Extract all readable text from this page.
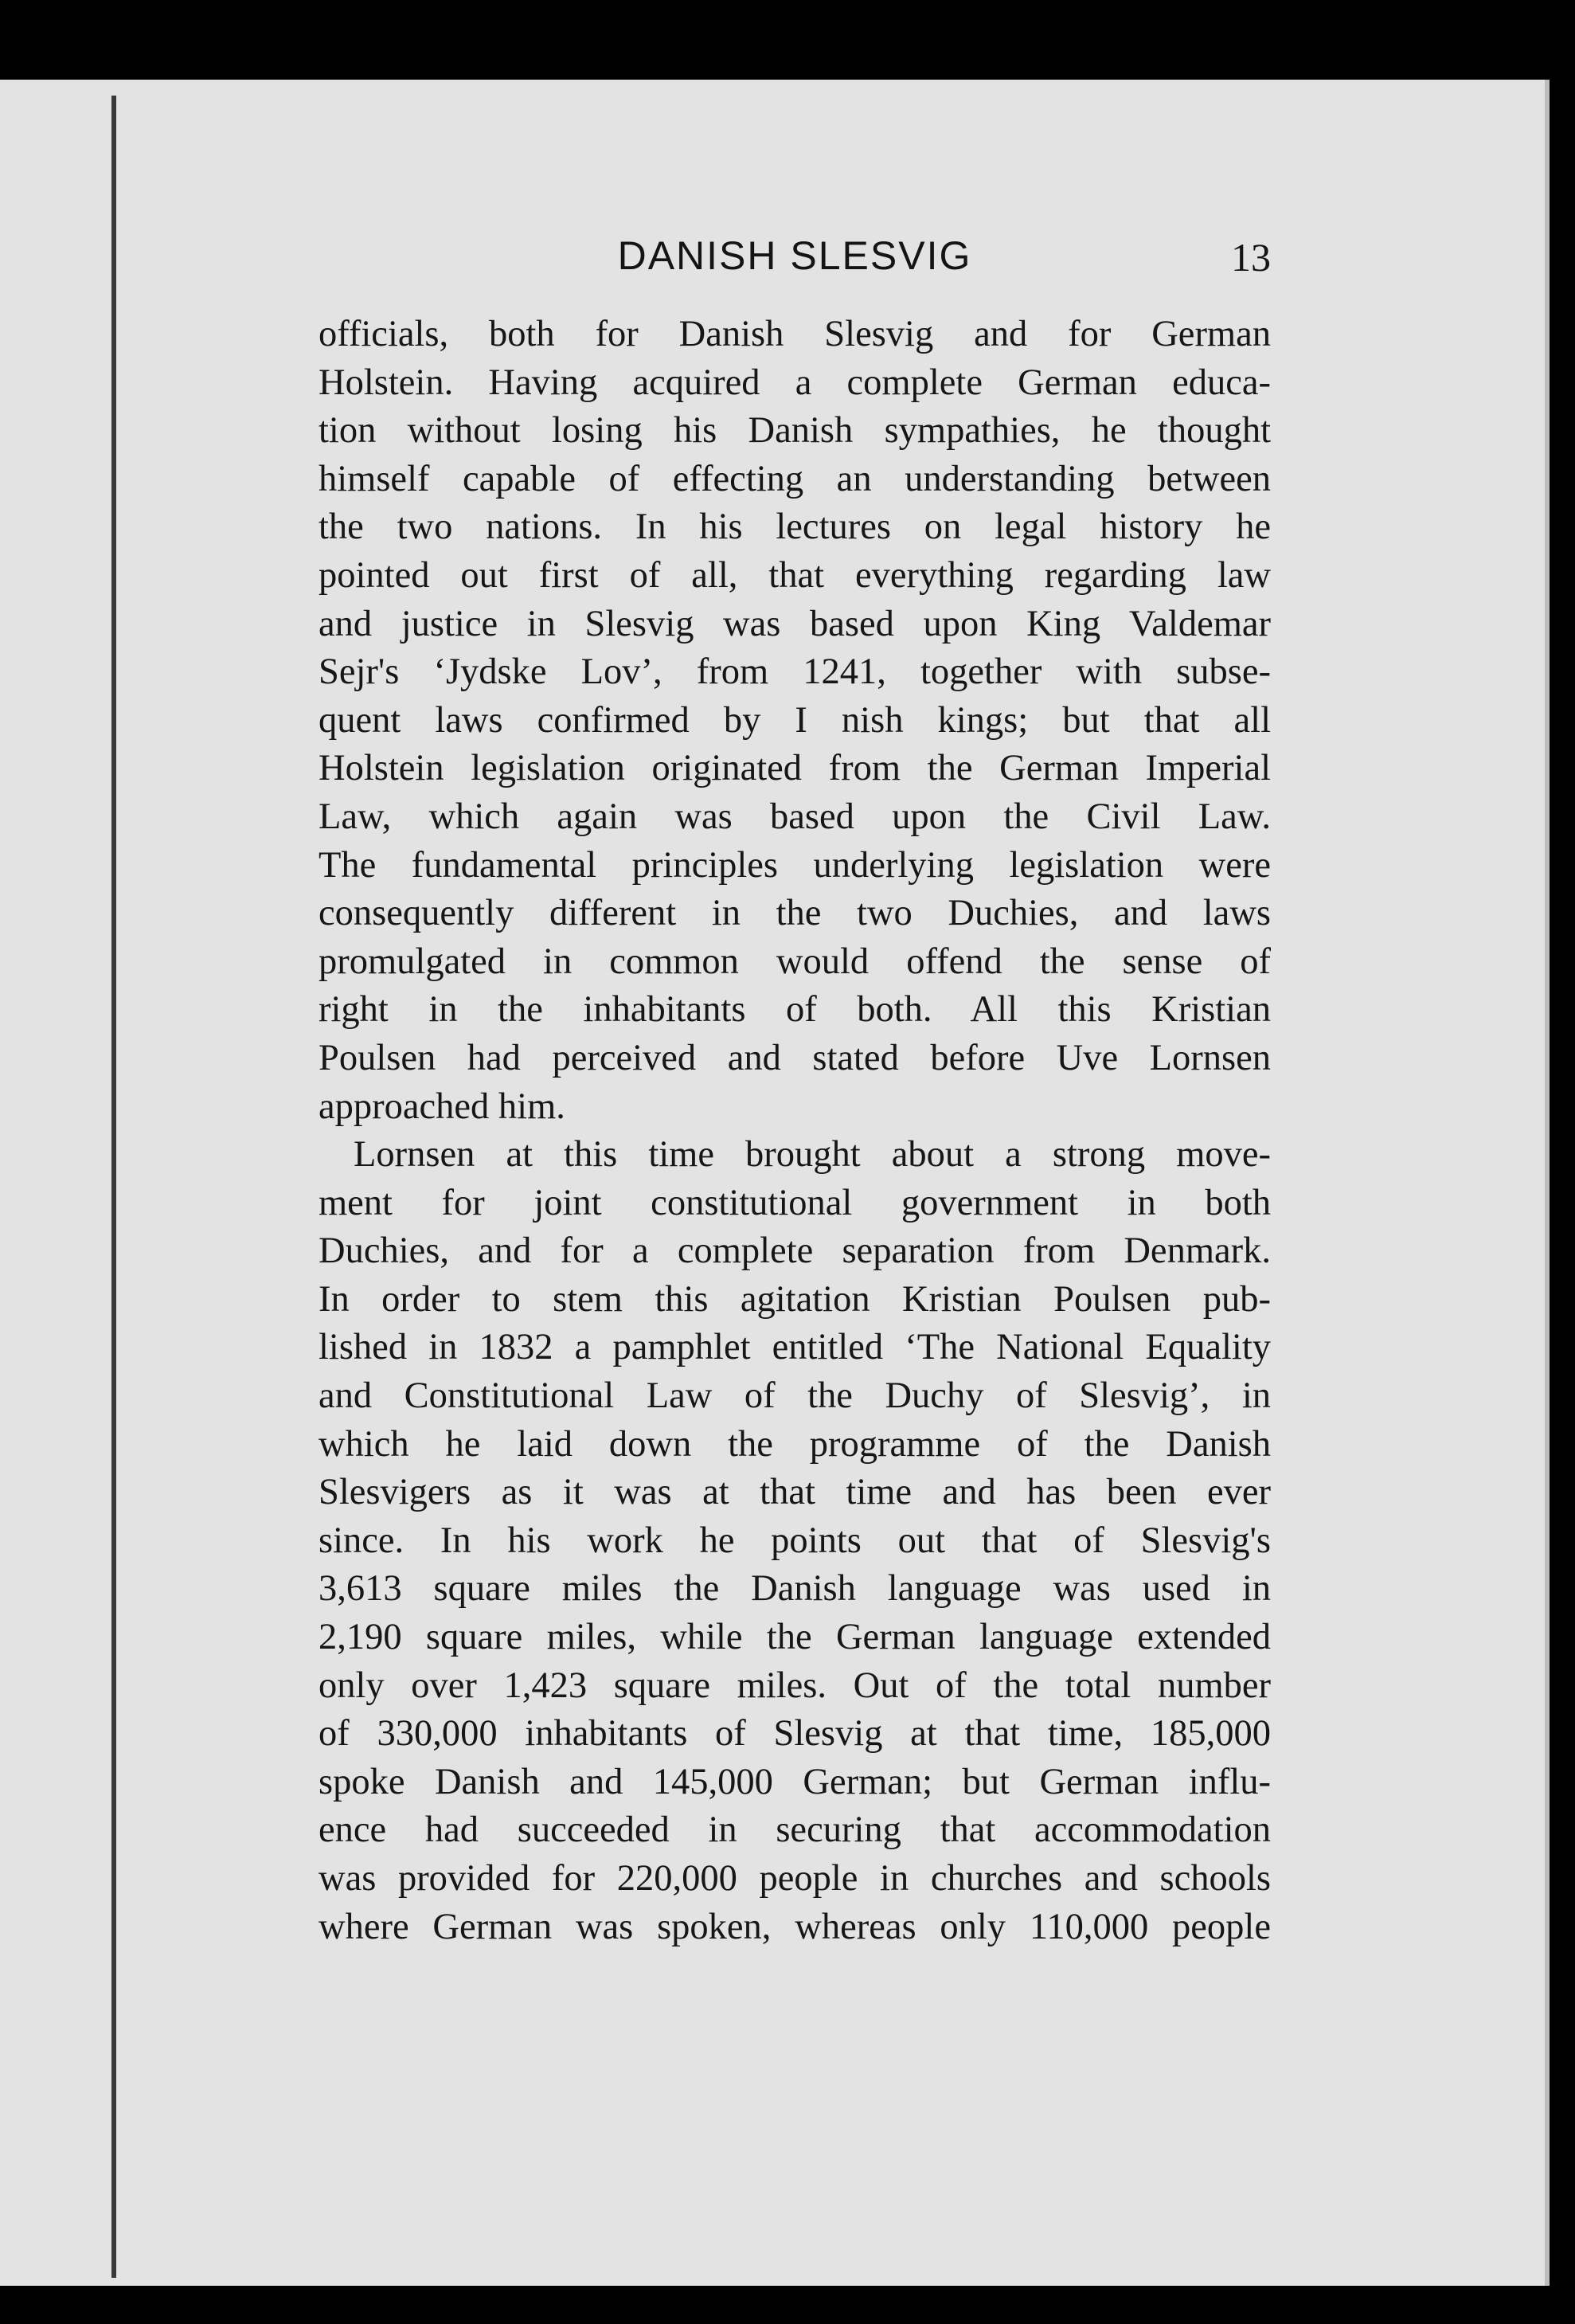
DANISH SLESVIG	13
officials, both for Danish Slesvig and for German
Holstein. Having acquired a complete German educa-
tion without losing his Danish sympathies, he thought
himself capable of effecting an understanding between
the two nations. In his lectures on legal history he
pointed out first of all, that everything regarding law
and justice in Slesvig was based upon King Valdemar
Sejr's ‘Jydske Lov’, from 1241, together with subse-
quent laws confirmed by I nish kings; but that all
Holstein legislation originated from the German Imperial
Law, which again was based upon the Civil Law.
The fundamental principles underlying legislation were
consequently different in the two Duchies, and laws
promulgated in common would offend the sense of
right in the inhabitants of both. All this Kristian
Poulsen had perceived and stated before Uve Lornsen
approached him.
Lornsen at this time brought about a strong move-
ment for joint constitutional government in both
Duchies, and for a complete separation from Denmark.
In order to stem this agitation Kristian Poulsen pub-
lished in 1832 a pamphlet entitled ‘The National Equality
and Constitutional Law of the Duchy of Slesvig’, in
which he laid down the programme of the Danish
Slesvigers as it was at that time and has been ever
since. In his work he points out that of Slesvig's
3,613 square miles the Danish language was used in
2,190 square miles, while the German language extended
only over 1,423 square miles. Out of the total number
of 330,000 inhabitants of Slesvig at that time, 185,000
spoke Danish and 145,000 German; but German influ-
ence had succeeded in securing that accommodation
was provided for 220,000 people in churches and schools
where German was spoken, whereas only 110,000 people
